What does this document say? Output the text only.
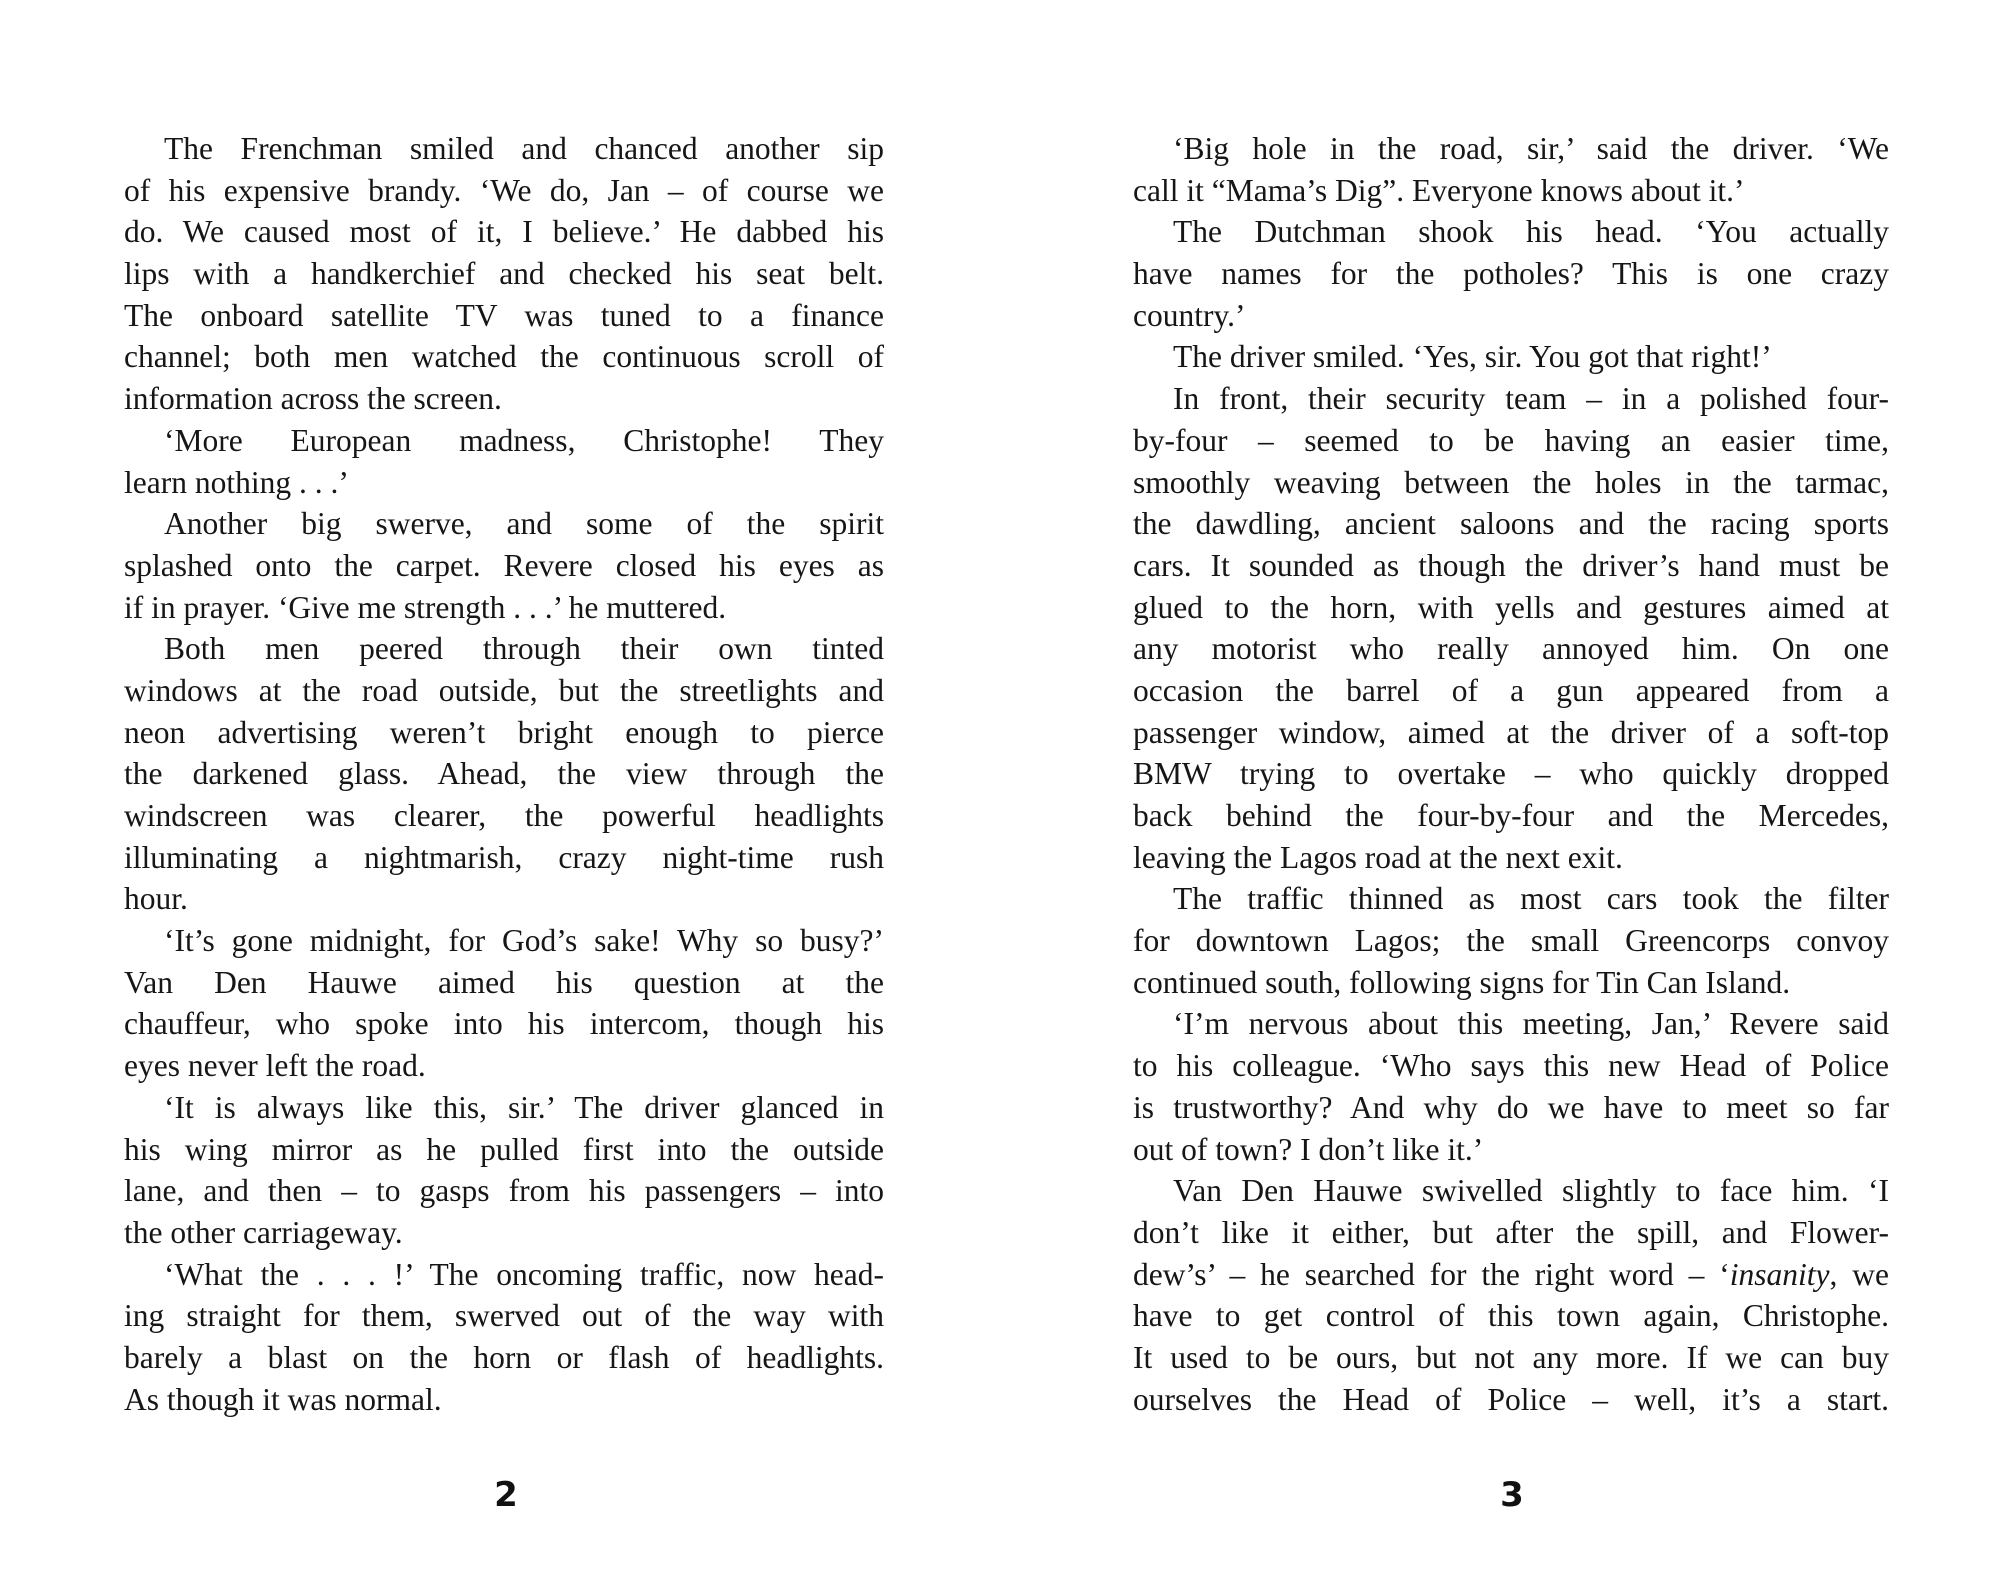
The Frenchman smiled and chanced another sip
of his expensive brandy. ‘We do, Jan – of course we
do. We caused most of it, I believe.’ He dabbed his
lips with a handkerchief and checked his seat belt.
The onboard satellite TV was tuned to a finance
channel; both men watched the continuous scroll of
information across the screen.
‘More European madness, Christophe! They
learn nothing . . .’
Another big swerve, and some of the spirit
splashed onto the carpet. Revere closed his eyes as
if in prayer. ‘Give me strength . . .’ he muttered.
Both men peered through their own tinted
windows at the road outside, but the streetlights and
neon advertising weren’t bright enough to pierce
the darkened glass. Ahead, the view through the
windscreen was clearer, the powerful headlights
illuminating a nightmarish, crazy night-time rush
hour.
‘It’s gone midnight, for God’s sake! Why so busy?’
Van Den Hauwe aimed his question at the
chauffeur, who spoke into his intercom, though his
eyes never left the road.
‘It is always like this, sir.’ The driver glanced in
his wing mirror as he pulled first into the outside
lane, and then – to gasps from his passengers – into
the other carriageway.
‘What the . . . !’ The oncoming traffic, now head-
ing straight for them, swerved out of the way with
barely a blast on the horn or flash of headlights.
As though it was normal.
2
‘Big hole in the road, sir,’ said the driver. ‘We
call it “Mama’s Dig”. Everyone knows about it.’
The Dutchman shook his head. ‘You actually
have names for the potholes? This is one crazy
country.’
The driver smiled. ‘Yes, sir. You got that right!’
In front, their security team – in a polished four-
by-four – seemed to be having an easier time,
smoothly weaving between the holes in the tarmac,
the dawdling, ancient saloons and the racing sports
cars. It sounded as though the driver’s hand must be
glued to the horn, with yells and gestures aimed at
any motorist who really annoyed him. On one
occasion the barrel of a gun appeared from a
passenger window, aimed at the driver of a soft-top
BMW trying to overtake – who quickly dropped
back behind the four-by-four and the Mercedes,
leaving the Lagos road at the next exit.
The traffic thinned as most cars took the filter
for downtown Lagos; the small Greencorps convoy
continued south, following signs for Tin Can Island.
‘I’m nervous about this meeting, Jan,’ Revere said
to his colleague. ‘Who says this new Head of Police
is trustworthy? And why do we have to meet so far
out of town? I don’t like it.’
Van Den Hauwe swivelled slightly to face him. ‘I
don’t like it either, but after the spill, and Flower-
dew’s’ – he searched for the right word – ‘insanity, we
have to get control of this town again, Christophe.
It used to be ours, but not any more. If we can buy
ourselves the Head of Police – well, it’s a start.
3
